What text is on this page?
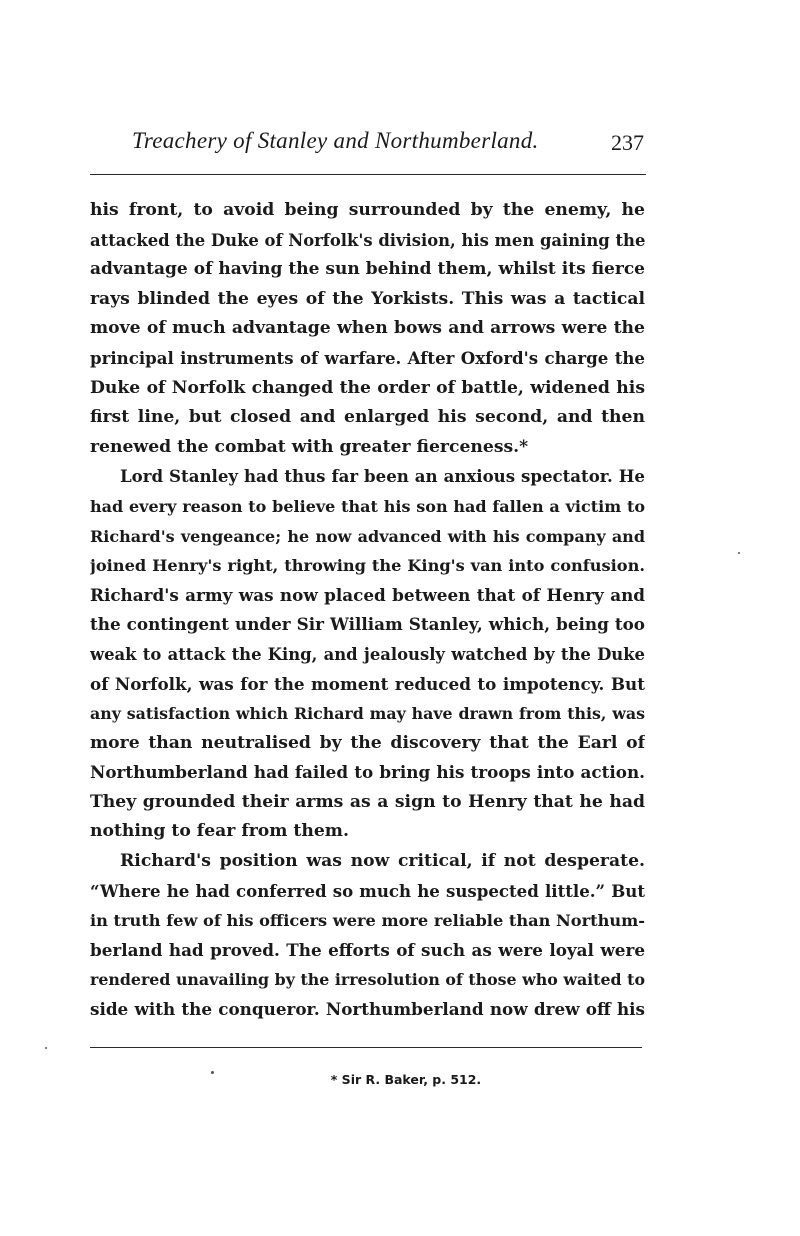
Treachery of Stanley and Northumberland.	237
his front, to avoid being surrounded by the enemy, he
attacked the Duke of Norfolk's division, his men gaining the
advantage of having the sun behind them, whilst its fierce
rays blinded the eyes of the Yorkists. This was a tactical
move of much advantage when bows and arrows were the
principal instruments of warfare. After Oxford's charge the
Duke of Norfolk changed the order of battle, widened his
first line, but closed and enlarged his second, and then
renewed the combat with greater fierceness.*
Lord Stanley had thus far been an anxious spectator. He
had every reason to believe that his son had fallen a victim to
Richard's vengeance; he now advanced with his company and
joined Henry's right, throwing the King's van into confusion.
Richard's army was now placed between that of Henry and
the contingent under Sir William Stanley, which, being too
weak to attack the King, and jealously watched by the Duke
of Norfolk, was for the moment reduced to impotency. But
any satisfaction which Richard may have drawn from this, was
more than neutralised by the discovery that the Earl of
Northumberland had failed to bring his troops into action.
They grounded their arms as a sign to Henry that he had
nothing to fear from them.
Richard's position was now critical, if not desperate.
“Where he had conferred so much he suspected little.” But
in truth few of his officers were more reliable than Northum-
berland had proved. The efforts of such as were loyal were
rendered unavailing by the irresolution of those who waited to
side with the conqueror. Northumberland now drew off his
* Sir R. Baker, p. 512.
